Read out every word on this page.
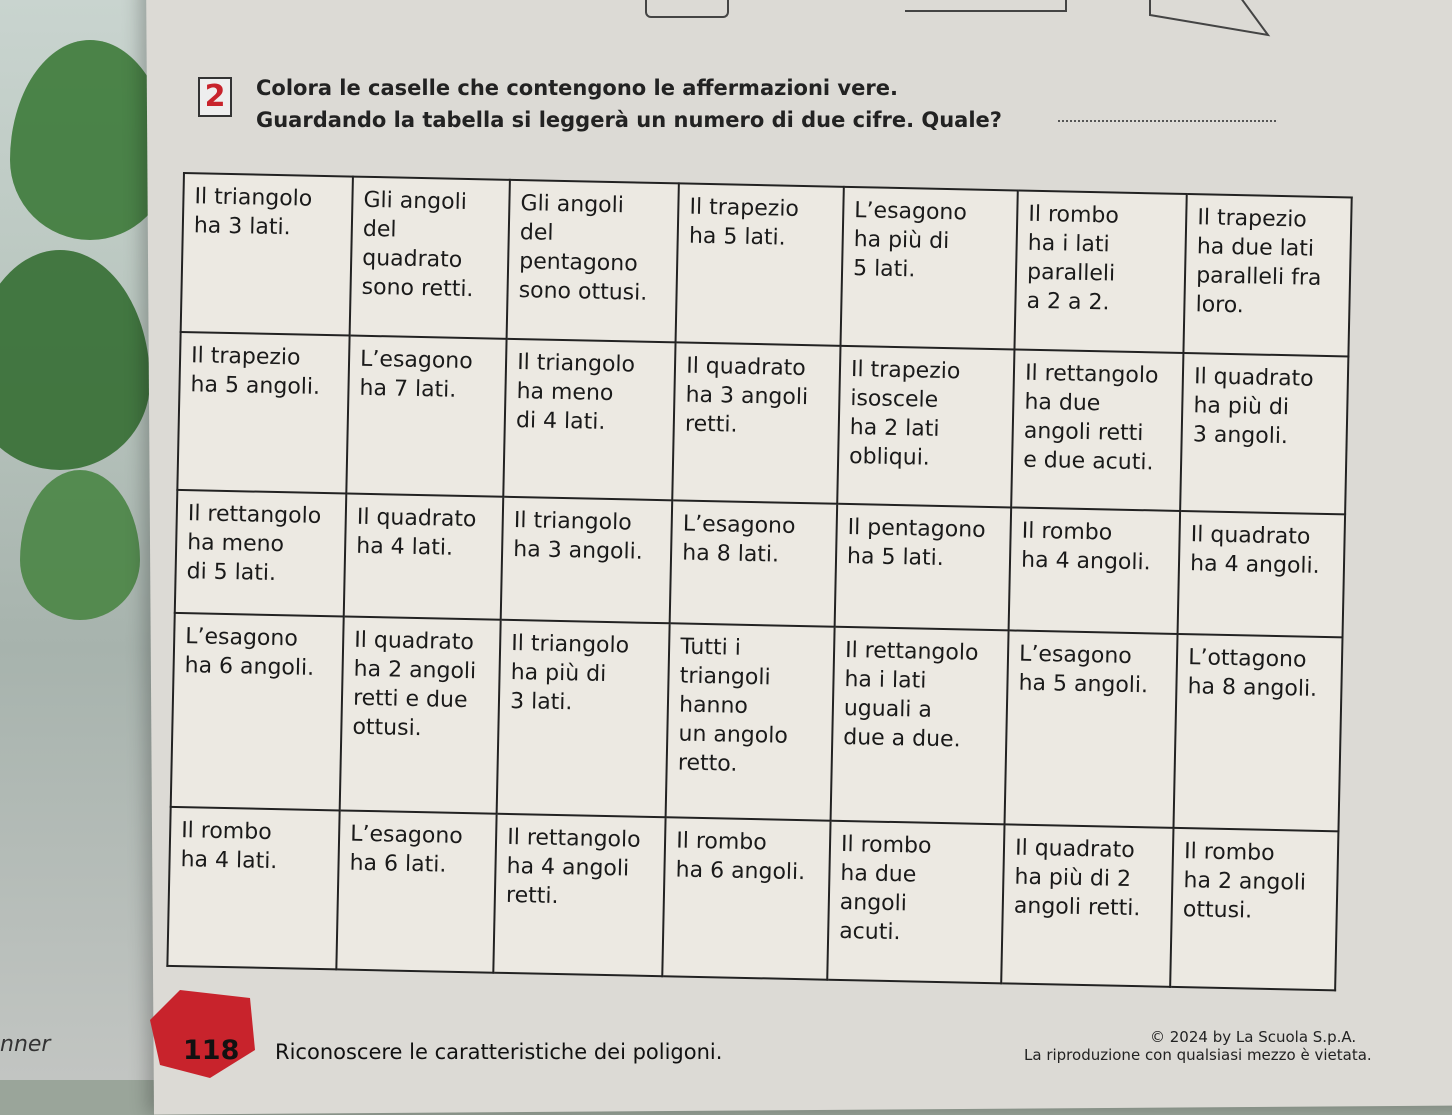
2	Colora le caselle che contengono le affermazioni vere.
Guardando la tabella si leggerà un numero di due cifre. Quale?
Il triangolo
ha 3 lati.	Gli angoli
del
quadrato
sono retti.	Gli angoli
del
pentagono
sono ottusi.	Il trapezio
ha 5 lati.	L’esagono
ha più di
5 lati.	Il rombo
ha i lati
paralleli
a 2 a 2.	Il trapezio
ha due lati
paralleli fra
loro.
Il trapezio
ha 5 angoli.	L’esagono
ha 7 lati.	Il triangolo
ha meno
di 4 lati.	Il quadrato
ha 3 angoli
retti.	Il trapezio
isoscele
ha 2 lati
obliqui.	Il rettangolo
ha due
angoli retti
e due acuti.	Il quadrato
ha più di
3 angoli.
Il rettangolo
ha meno
di 5 lati.	Il quadrato
ha 4 lati.	Il triangolo
ha 3 angoli.	L’esagono
ha 8 lati.	Il pentagono
ha 5 lati.	Il rombo
ha 4 angoli.	Il quadrato
ha 4 angoli.
L’esagono
ha 6 angoli.	Il quadrato
ha 2 angoli
retti e due
ottusi.	Il triangolo
ha più di
3 lati.	Tutti i
triangoli
hanno
un angolo
retto.	Il rettangolo
ha i lati
uguali a
due a due.	L’esagono
ha 5 angoli.	L’ottagono
ha 8 angoli.
Il rombo
ha 4 lati.	L’esagono
ha 6 lati.	Il rettangolo
ha 4 angoli
retti.	Il rombo
ha 6 angoli.	Il rombo
ha due
angoli
acuti.	Il quadrato
ha più di 2
angoli retti.	Il rombo
ha 2 angoli
ottusi.
118 Riconoscere le caratteristiche dei poligoni.
© 2024 by La Scuola S.p.A.
La riproduzione con qualsiasi mezzo è vietata.
nner
